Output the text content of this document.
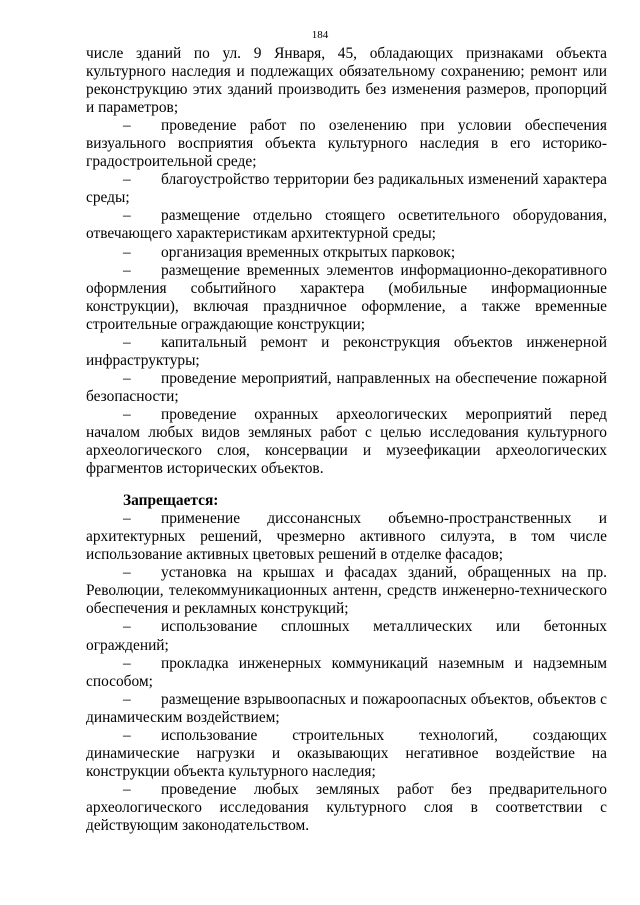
184

числе зданий по ул. 9 Января, 45, обладающих признаками объекта культурного наследия и подлежащих обязательному сохранению; ремонт или реконструкцию этих зданий производить без изменения размеров, пропорций и параметров;

– проведение работ по озеленению при условии обеспечения визуального восприятия объекта культурного наследия в его историко-градостроительной среде;

– благоустройство территории без радикальных изменений характера среды;

– размещение отдельно стоящего осветительного оборудования, отвечающего характеристикам архитектурной среды;

– организация временных открытых парковок;

– размещение временных элементов информационно-декоративного оформления событийного характера (мобильные информационные конструкции), включая праздничное оформление, а также временные строительные ограждающие конструкции;

– капитальный ремонт и реконструкция объектов инженерной инфраструктуры;

– проведение мероприятий, направленных на обеспечение пожарной безопасности;

– проведение охранных археологических мероприятий перед началом любых видов земляных работ с целью исследования культурного археологического слоя, консервации и музеефикации археологических фрагментов исторических объектов.

Запрещается:

– применение диссонансных объемно-пространственных и архитектурных решений, чрезмерно активного силуэта, в том числе использование активных цветовых решений в отделке фасадов;

– установка на крышах и фасадах зданий, обращенных на пр. Революции, телекоммуникационных антенн, средств инженерно-технического обеспечения и рекламных конструкций;

– использование сплошных металлических или бетонных ограждений;

– прокладка инженерных коммуникаций наземным и надземным способом;

– размещение взрывоопасных и пожароопасных объектов, объектов с динамическим воздействием;

– использование строительных технологий, создающих динамические нагрузки и оказывающих негативное воздействие на конструкции объекта культурного наследия;

– проведение любых земляных работ без предварительного археологического исследования культурного слоя в соответствии с действующим законодательством.
